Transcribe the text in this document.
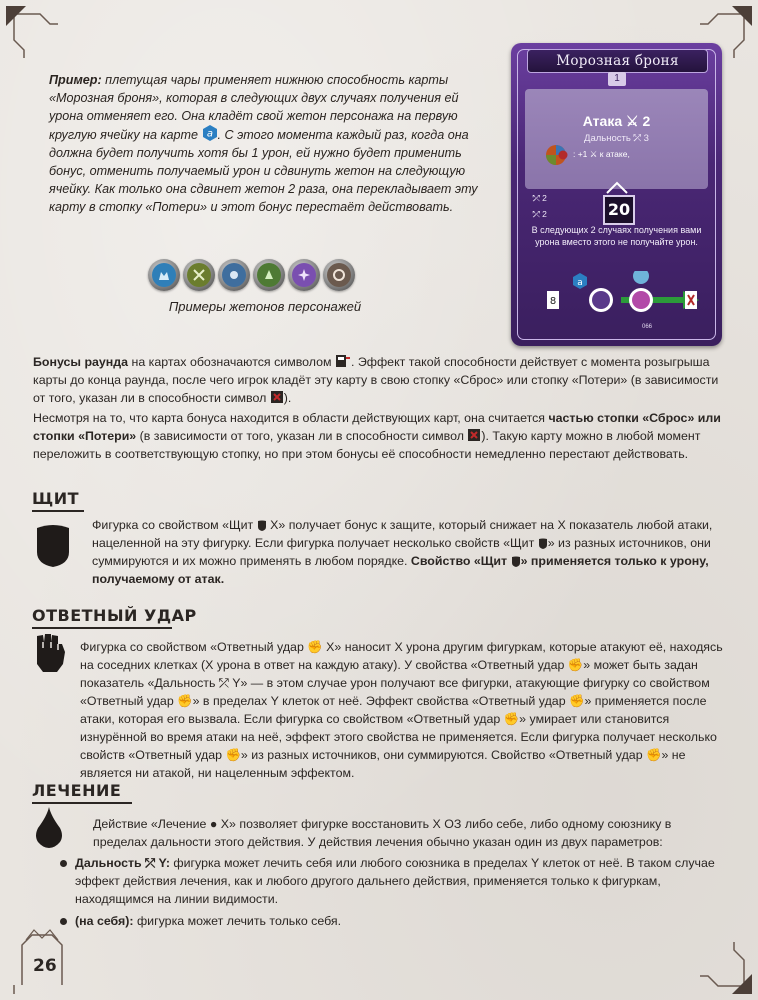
Пример: плетущая чары применяет нижнюю способность карты «Морозная броня», которая в следующих двух случаях получения ей урона отменяет его. Она кладёт свой жетон персонажа на первую круглую ячейку на карте a . С этого момента каждый раз, когда она должна будет получить хотя бы 1 урон, ей нужно будет применить бонус, отменить получаемый урон и сдвинуть жетон на следующую ячейку. Как только она сдвинет жетон 2 раза, она перекладывает эту карту в стопку «Потери» и этот бонус перестаёт действовать.

Примеры жетонов персонажей
Морозная броня
1
Атака ⚔ 2
Дальность ⤱ 3
: +1 ⚔ к атаке,
20
⤱ 2
⤱ 2
В следующих 2 случаях получения вами урона вместо этого не получайте урон.
8
a
066

Бонусы раунда на картах обозначаются символом . Эффект такой способности действует с момента розыгрыша карты до конца раунда, после чего игрок кладёт эту карту в свою стопку «Сброс» или стопку «Потери» (в зависимости от того, указан ли в способности символ ).

Несмотря на то, что карта бонуса находится в области действующих карт, она считается частью стопки «Сброс» или стопки «Потери» (в зависимости от того, указан ли в способности символ ). Такую карту можно в любой момент переложить в соответствующую стопку, но при этом бонусы её способности немедленно перестают действовать.

ЩИТ

Фигурка со свойством «Щит  X» получает бонус к защите, который снижает на X показатель любой атаки, нацеленной на эту фигурку. Если фигурка получает несколько свойств «Щит » из разных источников, они суммируются и их можно применять в любом порядке. Свойство «Щит » применяется только к урону, получаемому от атак.

ОТВЕТНЫЙ УДАР

Фигурка со свойством «Ответный удар ✊ X» наносит X урона другим фигуркам, которые атакуют её, находясь на соседних клетках (X урона в ответ на каждую атаку). У свойства «Ответный удар ✊» может быть задан показатель «Дальность ⤱ Y» — в этом случае урон получают все фигурки, атакующие фигурку со свойством «Ответный удар ✊» в пределах Y клеток от неё. Эффект свойства «Ответный удар ✊» применяется после атаки, которая его вызвала. Если фигурка со свойством «Ответный удар ✊» умирает или становится изнурённой во время атаки на неё, эффект этого свойства не применяется. Если фигурка получает несколько свойств «Ответный удар ✊» из разных источников, они суммируются. Свойство «Ответный удар ✊» не является ни атакой, ни нацеленным эффектом.

ЛЕЧЕНИЕ

Действие «Лечение ● X» позволяет фигурке восстановить X ОЗ либо себе, либо одному союзнику в пределах дальности этого действия. У действия лечения обычно указан один из двух параметров:

Дальность ⤱ Y: фигурка может лечить себя или любого союзника в пределах Y клеток от неё. В таком случае эффект действия лечения, как и любого другого дальнего действия, применяется только к фигуркам, находящимся на линии видимости.

(на себя): фигурка может лечить только себя.

26
